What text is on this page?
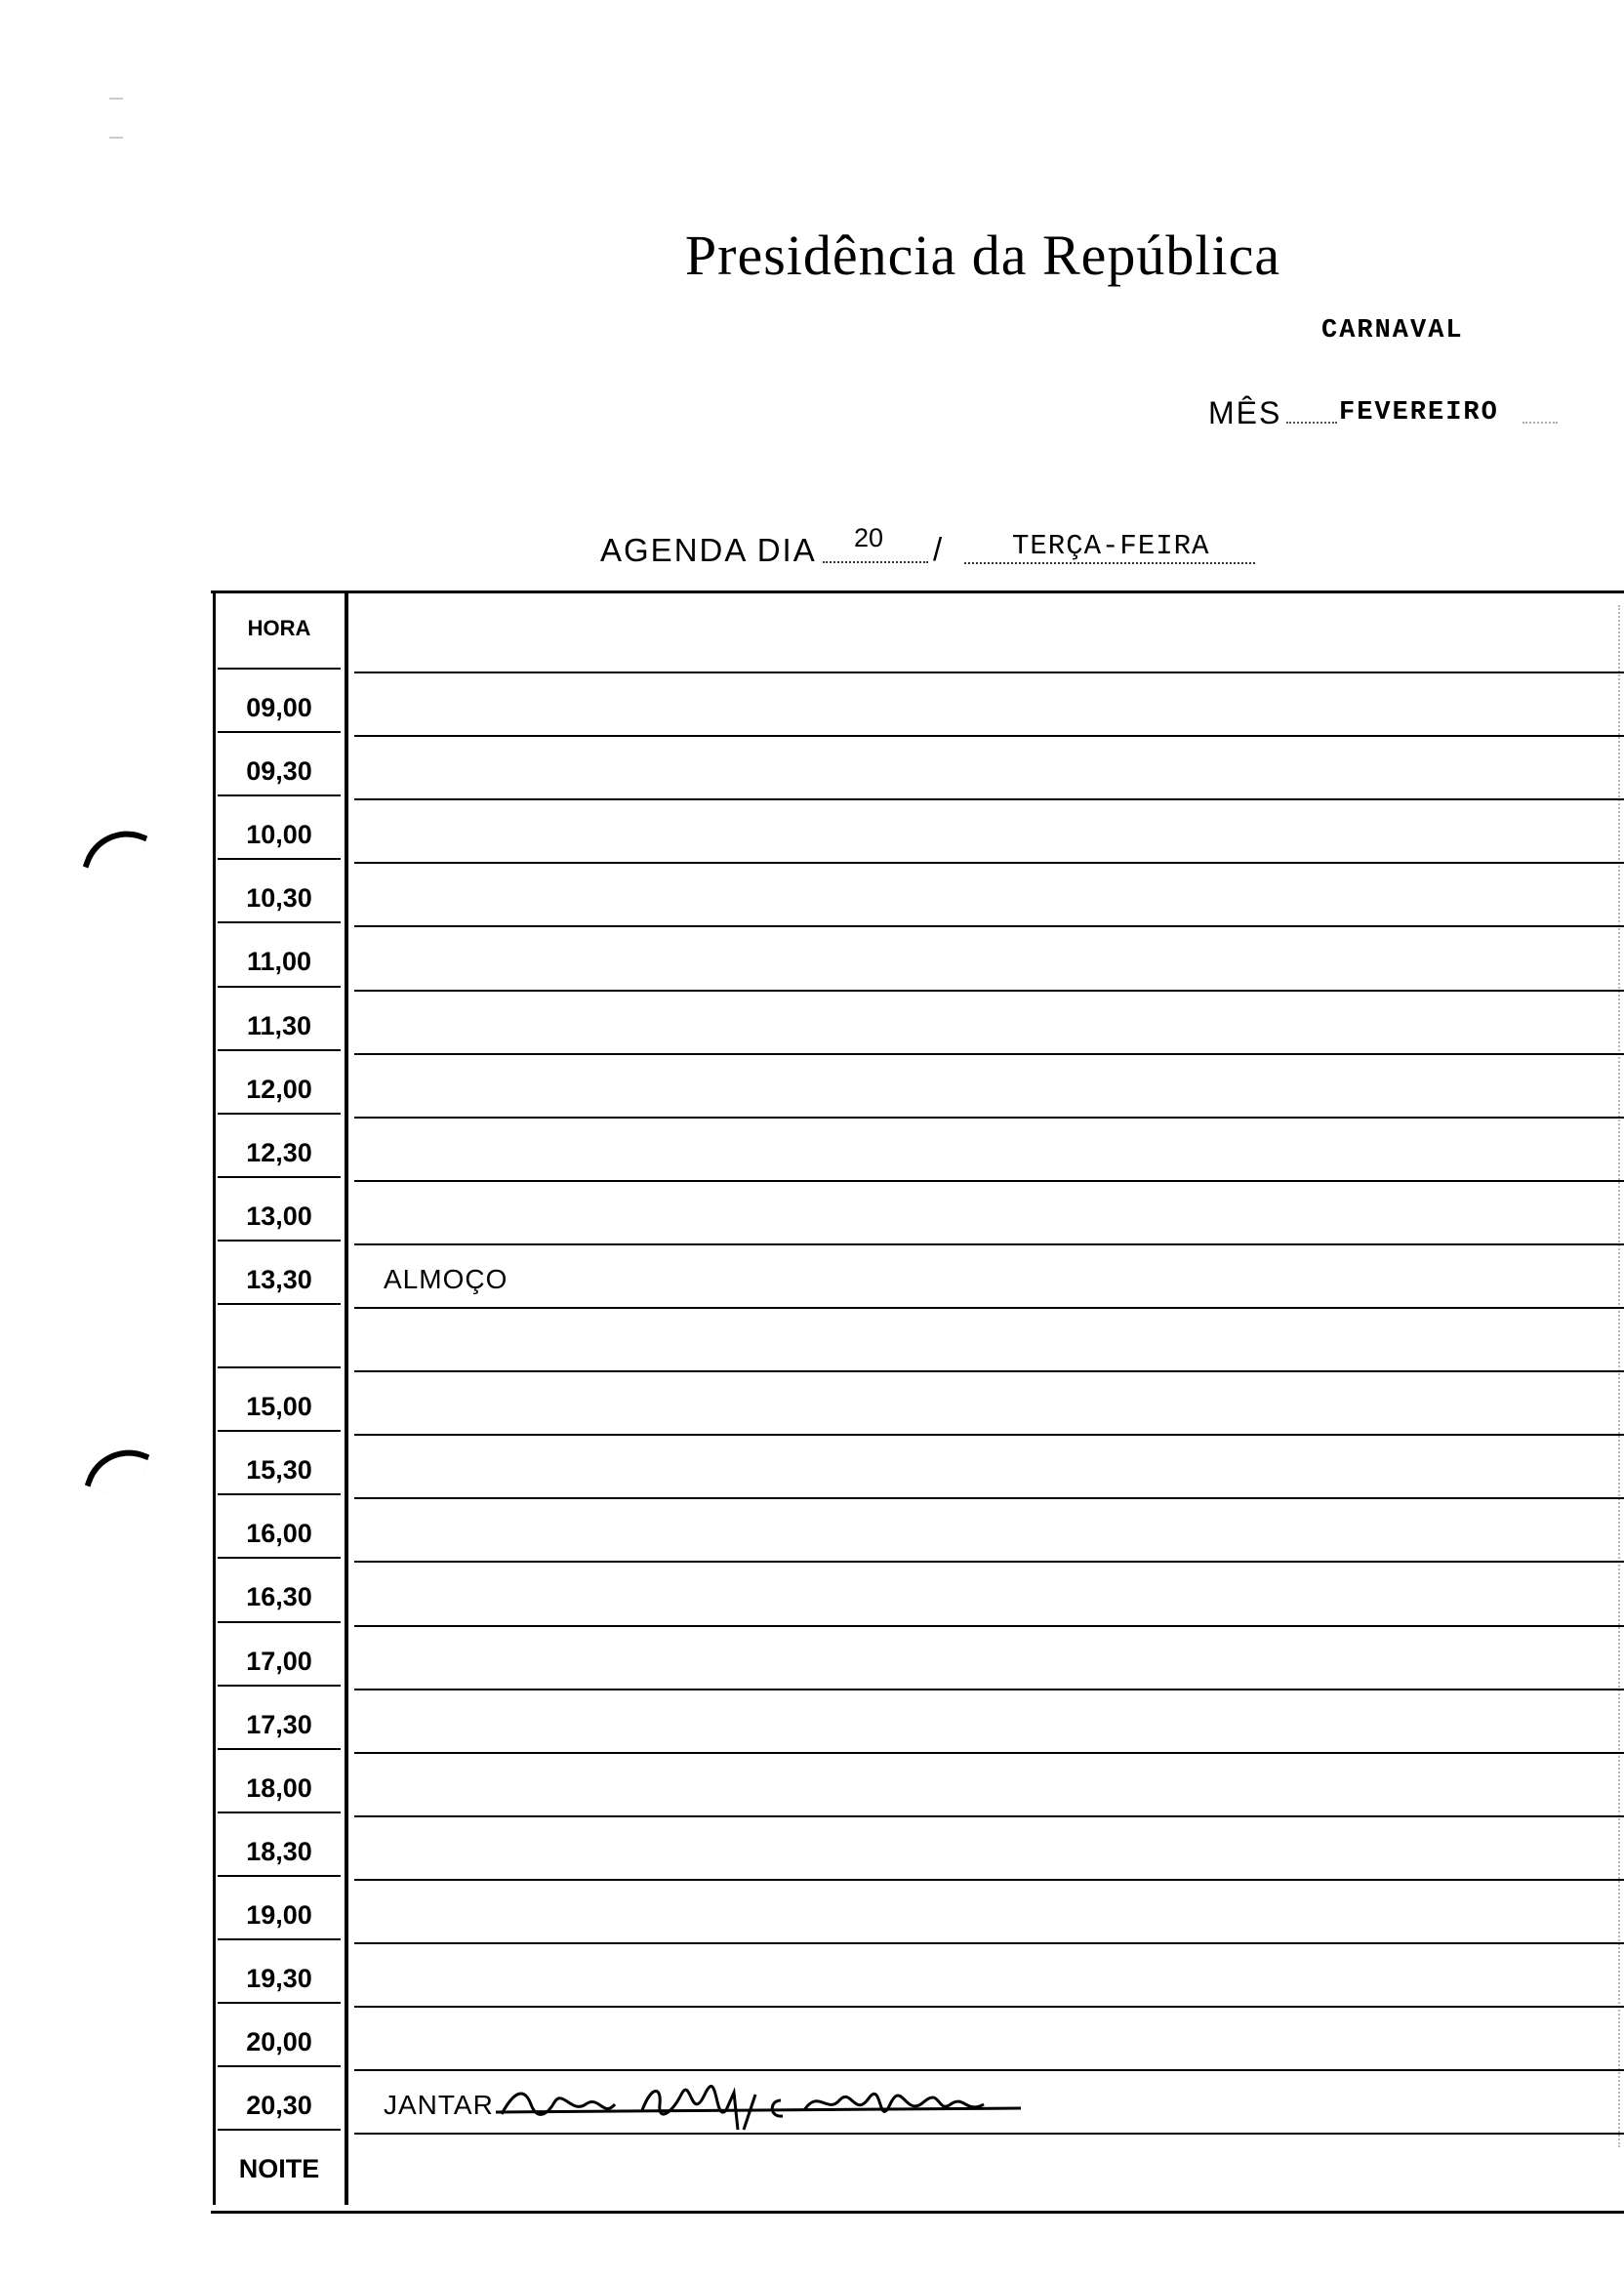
Presidência da República
CARNAVAL
MÊS FEVEREIRO
AGENDA DIA 20 / TERÇA-FEIRA
HORA
09,00
09,30
10,00
10,30
11,00
11,30
12,00
12,30
13,00
13,30	ALMOÇO
15,00
15,30
16,00
16,30
17,00
17,30
18,00
18,30
19,00
19,30
20,00
20,30	JANTAR
NOITE
